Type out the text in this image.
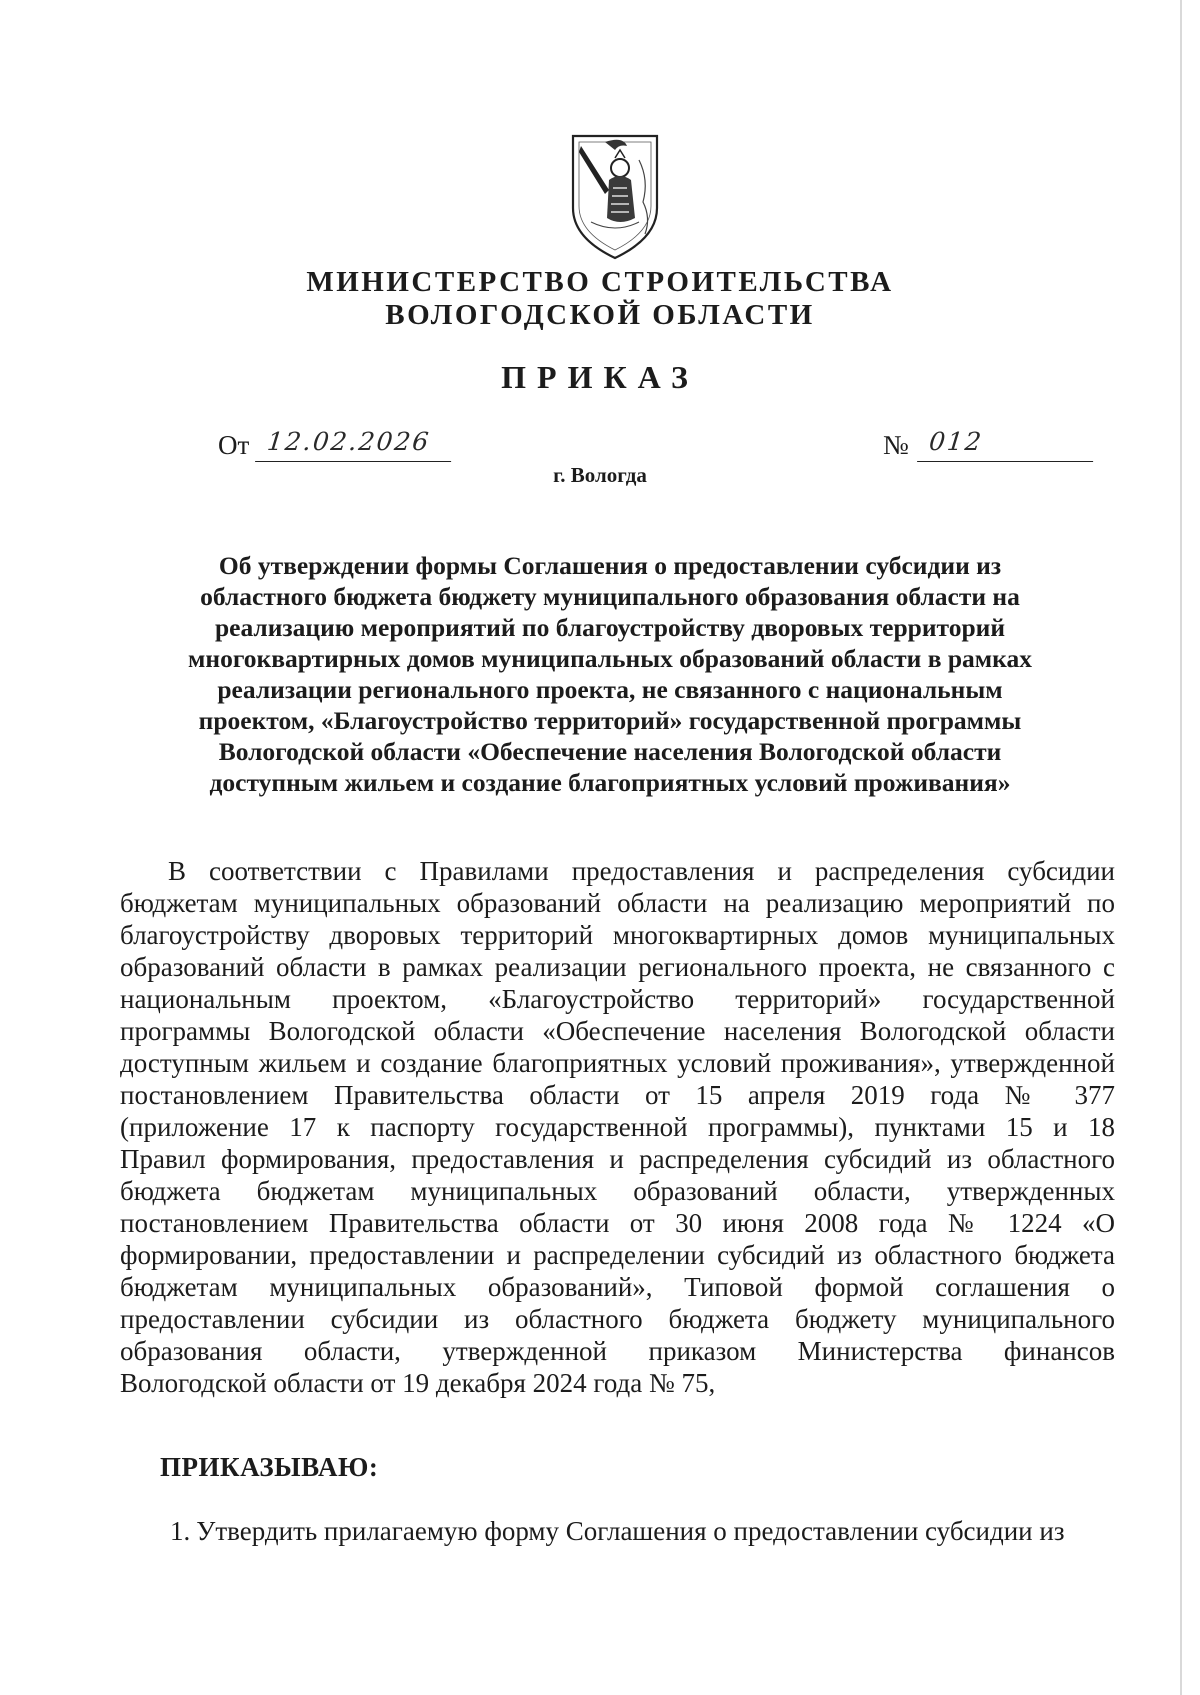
МИНИСТЕРСТВО СТРОИТЕЛЬСТВА
ВОЛОГОДСКОЙ ОБЛАСТИ
ПРИКАЗ
От 12.02.2026	№ 012
г. Вологда
Об утверждении формы Соглашения о предоставлении субсидии из
областного бюджета бюджету муниципального образования области на
реализацию мероприятий по благоустройству дворовых территорий
многоквартирных домов муниципальных образований области в рамках
реализации регионального проекта, не связанного с национальным
проектом, «Благоустройство территорий» государственной программы
Вологодской области «Обеспечение населения Вологодской области
доступным жильем и создание благоприятных условий проживания»
В соответствии с Правилами предоставления и распределения субсидии
бюджетам муниципальных образований области на реализацию мероприятий по
благоустройству дворовых территорий многоквартирных домов муниципальных
образований области в рамках реализации регионального проекта, не связанного с
национальным проектом, «Благоустройство территорий» государственной
программы Вологодской области «Обеспечение населения Вологодской области
доступным жильем и создание благоприятных условий проживания», утвержденной
постановлением Правительства области от 15 апреля 2019 года № 377
(приложение 17 к паспорту государственной программы), пунктами 15 и 18
Правил формирования, предоставления и распределения субсидий из областного
бюджета бюджетам муниципальных образований области, утвержденных
постановлением Правительства области от 30 июня 2008 года № 1224 «О
формировании, предоставлении и распределении субсидий из областного бюджета
бюджетам муниципальных образований», Типовой формой соглашения о
предоставлении субсидии из областного бюджета бюджету муниципального
образования области, утвержденной приказом Министерства финансов
Вологодской области от 19 декабря 2024 года № 75,
ПРИКАЗЫВАЮ:
1. Утвердить прилагаемую форму Соглашения о предоставлении субсидии из
